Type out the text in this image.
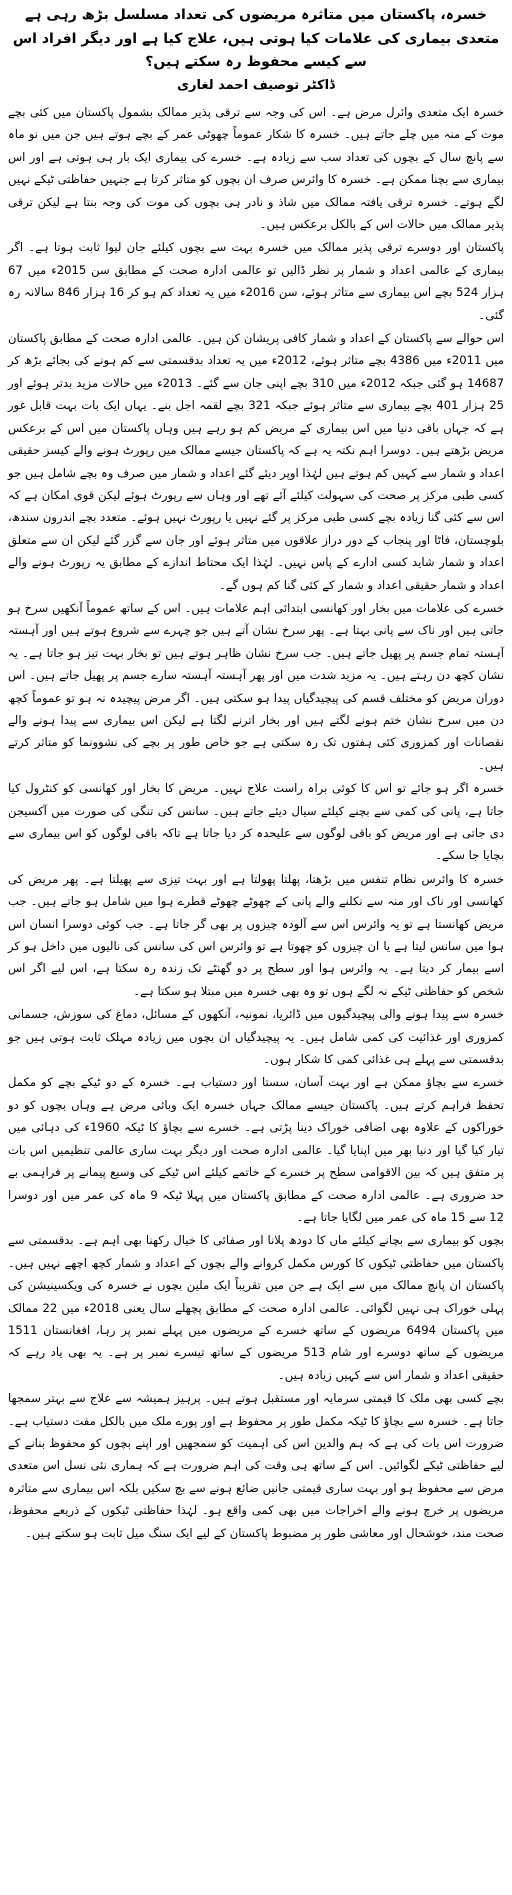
خسرہ، پاکستان میں متاثرہ مریضوں کی تعداد مسلسل بڑھ رہی ہے
متعدی بیماری کی علامات کیا ہوتی ہیں، علاج کیا ہے اور دیگر افراد اس سے کیسے محفوظ رہ سکتے ہیں؟
ڈاکٹر توصیف احمد لغاری

خسرہ ایک متعدی وائرل مرض ہے۔ اس کی وجہ سے ترقی پذیر ممالک بشمول پاکستان میں کئی بچے موت کے منہ میں چلے جاتے ہیں۔ خسرہ کا شکار عموماً چھوٹی عمر کے بچے ہوتے ہیں جن میں نو ماہ سے پانچ سال کے بچوں کی تعداد سب سے زیادہ ہے۔ خسرے کی بیماری ایک بار ہی ہوتی ہے اور اس بیماری سے بچنا ممکن ہے۔ خسرہ کا وائرس صرف ان بچوں کو متاثر کرتا ہے جنہیں حفاظتی ٹیکے نہیں لگے ہوتے۔ خسرہ ترقی یافتہ ممالک میں شاذ و نادر ہی بچوں کی موت کی وجہ بنتا ہے لیکن ترقی پذیر ممالک میں حالات اس کے بالکل برعکس ہیں۔

پاکستان اور دوسرے ترقی پذیر ممالک میں خسرہ بہت سے بچوں کیلئے جان لیوا ثابت ہوتا ہے۔ اگر بیماری کے عالمی اعداد و شمار پر نظر ڈالیں تو عالمی ادارہ صحت کے مطابق سن 2015ء میں 67 ہزار 524 بچے اس بیماری سے متاثر ہوئے، سن 2016ء میں یہ تعداد کم ہو کر 16 ہزار 846 سالانہ رہ گئی۔

اس حوالے سے پاکستان کے اعداد و شمار کافی پریشان کن ہیں۔ عالمی ادارہ صحت کے مطابق پاکستان میں 2011ء میں 4386 بچے متاثر ہوئے، 2012ء میں یہ تعداد بدقسمتی سے کم ہونے کی بجائے بڑھ کر 14687 ہو گئی جبکہ 2012ء میں 310 بچے اپنی جان سے گئے۔ 2013ء میں حالات مزید بدتر ہوئے اور 25 ہزار 401 بچے بیماری سے متاثر ہوئے جبکہ 321 بچے لقمہ اجل بنے۔ یہاں ایک بات بہت قابل غور ہے کہ جہاں باقی دنیا میں اس بیماری کے مریض کم ہو رہے ہیں وہاں پاکستان میں اس کے برعکس مریض بڑھتے ہیں۔ دوسرا اہم نکتہ یہ ہے کہ پاکستان جیسے ممالک میں رپورٹ ہونے والے کیسز حقیقی اعداد و شمار سے کہیں کم ہوتے ہیں لہٰذا اوپر دیئے گئے اعداد و شمار میں صرف وہ بچے شامل ہیں جو کسی طبی مرکز پر صحت کی سہولت کیلئے آئے تھے اور وہاں سے رپورٹ ہوئے لیکن قوی امکان ہے کہ اس سے کئی گنا زیادہ بچے کسی طبی مرکز پر گئے نہیں یا رپورٹ نہیں ہوئے۔ متعدد بچے اندرون سندھ، بلوچستان، فاٹا اور پنجاب کے دور دراز علاقوں میں متاثر ہوئے اور جان سے گزر گئے لیکن ان سے متعلق اعداد و شمار شاید کسی ادارے کے پاس نہیں۔ لہٰذا ایک محتاط اندازے کے مطابق یہ رپورٹ ہونے والے اعداد و شمار حقیقی اعداد و شمار کے کئی گنا کم ہوں گے۔

خسرے کی علامات میں بخار اور کھانسی ابتدائی اہم علامات ہیں۔ اس کے ساتھ عموماً آنکھیں سرخ ہو جاتی ہیں اور ناک سے پانی بہتا ہے۔ پھر سرخ نشان آتے ہیں جو چہرے سے شروع ہوتے ہیں اور آہستہ آہستہ تمام جسم پر پھیل جاتے ہیں۔ جب سرخ نشان ظاہر ہوتے ہیں تو بخار بہت تیز ہو جاتا ہے۔ یہ نشان کچھ دن رہتے ہیں۔ یہ مزید شدت میں اور پھر آہستہ آہستہ سارے جسم پر پھیل جاتے ہیں۔ اس دوران مریض کو مختلف قسم کی پیچیدگیاں پیدا ہو سکتی ہیں۔ اگر مرض پیچیدہ نہ ہو تو عموماً کچھ دن میں سرخ نشان ختم ہونے لگتے ہیں اور بخار اترنے لگتا ہے لیکن اس بیماری سے پیدا ہونے والے نقصانات اور کمزوری کئی ہفتوں تک رہ سکتی ہے جو خاص طور پر بچے کی نشوونما کو متاثر کرتے ہیں۔

خسرہ اگر ہو جائے تو اس کا کوئی براہ راست علاج نہیں۔ مریض کا بخار اور کھانسی کو کنٹرول کیا جاتا ہے، پانی کی کمی سے بچنے کیلئے سیال دیئے جاتے ہیں۔ سانس کی تنگی کی صورت میں آکسیجن دی جاتی ہے اور مریض کو باقی لوگوں سے علیحدہ کر دیا جاتا ہے تاکہ باقی لوگوں کو اس بیماری سے بچایا جا سکے۔

خسرہ کا وائرس نظام تنفس میں بڑھتا، پھلتا پھولتا ہے اور بہت تیزی سے پھیلتا ہے۔ پھر مریض کی کھانسی اور ناک اور منہ سے نکلنے والے پانی کے چھوٹے چھوٹے قطرے ہوا میں شامل ہو جاتے ہیں۔ جب مریض کھانستا ہے تو یہ وائرس اس سے آلودہ چیزوں پر بھی گر جاتا ہے۔ جب کوئی دوسرا انسان اس ہوا میں سانس لیتا ہے یا ان چیزوں کو چھوتا ہے تو وائرس اس کی سانس کی نالیوں میں داخل ہو کر اسے بیمار کر دیتا ہے۔ یہ وائرس ہوا اور سطح پر دو گھنٹے تک زندہ رہ سکتا ہے، اس لیے اگر اس شخص کو حفاظتی ٹیکے نہ لگے ہوں تو وہ بھی خسرہ میں مبتلا ہو سکتا ہے۔

خسرہ سے پیدا ہونے والی پیچیدگیوں میں ڈائریا، نمونیہ، آنکھوں کے مسائل، دماغ کی سوزش، جسمانی کمزوری اور غذائیت کی کمی شامل ہیں۔ یہ پیچیدگیاں ان بچوں میں زیادہ مہلک ثابت ہوتی ہیں جو بدقسمتی سے پہلے ہی غذائی کمی کا شکار ہوں۔

خسرے سے بچاؤ ممکن ہے اور بہت آسان، سستا اور دستیاب ہے۔ خسرہ کے دو ٹیکے بچے کو مکمل تحفظ فراہم کرتے ہیں۔ پاکستان جیسے ممالک جہاں خسرہ ایک وبائی مرض ہے وہاں بچوں کو دو خوراکوں کے علاوہ بھی اضافی خوراک دینا پڑتی ہے۔ خسرے سے بچاؤ کا ٹیکہ 1960ء کی دہائی میں تیار کیا گیا اور دنیا بھر میں اپنایا گیا۔ عالمی ادارہ صحت اور دیگر بہت ساری عالمی تنظیمیں اس بات پر متفق ہیں کہ بین الاقوامی سطح پر خسرے کے خاتمے کیلئے اس ٹیکے کی وسیع پیمانے پر فراہمی بے حد ضروری ہے۔ عالمی ادارہ صحت کے مطابق پاکستان میں پہلا ٹیکہ 9 ماہ کی عمر میں اور دوسرا 12 سے 15 ماہ کی عمر میں لگایا جاتا ہے۔

بچوں کو بیماری سے بچانے کیلئے ماں کا دودھ پلانا اور صفائی کا خیال رکھنا بھی اہم ہے۔ بدقسمتی سے پاکستان میں حفاظتی ٹیکوں کا کورس مکمل کروانے والے بچوں کے اعداد و شمار کچھ اچھے نہیں ہیں۔ پاکستان ان پانچ ممالک میں سے ایک ہے جن میں تقریباً ایک ملین بچوں نے خسرہ کی ویکسینیشن کی پہلی خوراک ہی نہیں لگوائی۔ عالمی ادارہ صحت کے مطابق پچھلے سال یعنی 2018ء میں 22 ممالک میں پاکستان 6494 مریضوں کے ساتھ خسرے کے مریضوں میں پہلے نمبر پر رہا، افغانستان 1511 مریضوں کے ساتھ دوسرے اور شام 513 مریضوں کے ساتھ تیسرے نمبر پر ہے۔ یہ بھی یاد رہے کہ حقیقی اعداد و شمار اس سے کہیں زیادہ ہیں۔

بچے کسی بھی ملک کا قیمتی سرمایہ اور مستقبل ہوتے ہیں۔ پرہیز ہمیشہ سے علاج سے بہتر سمجھا جاتا ہے۔ خسرہ سے بچاؤ کا ٹیکہ مکمل طور پر محفوظ ہے اور پورے ملک میں بالکل مفت دستیاب ہے۔ ضرورت اس بات کی ہے کہ ہم والدین اس کی اہمیت کو سمجھیں اور اپنے بچوں کو محفوظ بنانے کے لیے حفاظتی ٹیکے لگوائیں۔ اس کے ساتھ ہی وقت کی اہم ضرورت ہے کہ ہماری نئی نسل اس متعدی مرض سے محفوظ ہو اور بہت ساری قیمتی جانیں ضائع ہونے سے بچ سکیں بلکہ اس بیماری سے متاثرہ مریضوں پر خرچ ہونے والے اخراجات میں بھی کمی واقع ہو۔ لہٰذا حفاظتی ٹیکوں کے ذریعے محفوظ، صحت مند، خوشحال اور معاشی طور پر مضبوط پاکستان کے لیے ایک سنگ میل ثابت ہو سکتے ہیں۔
